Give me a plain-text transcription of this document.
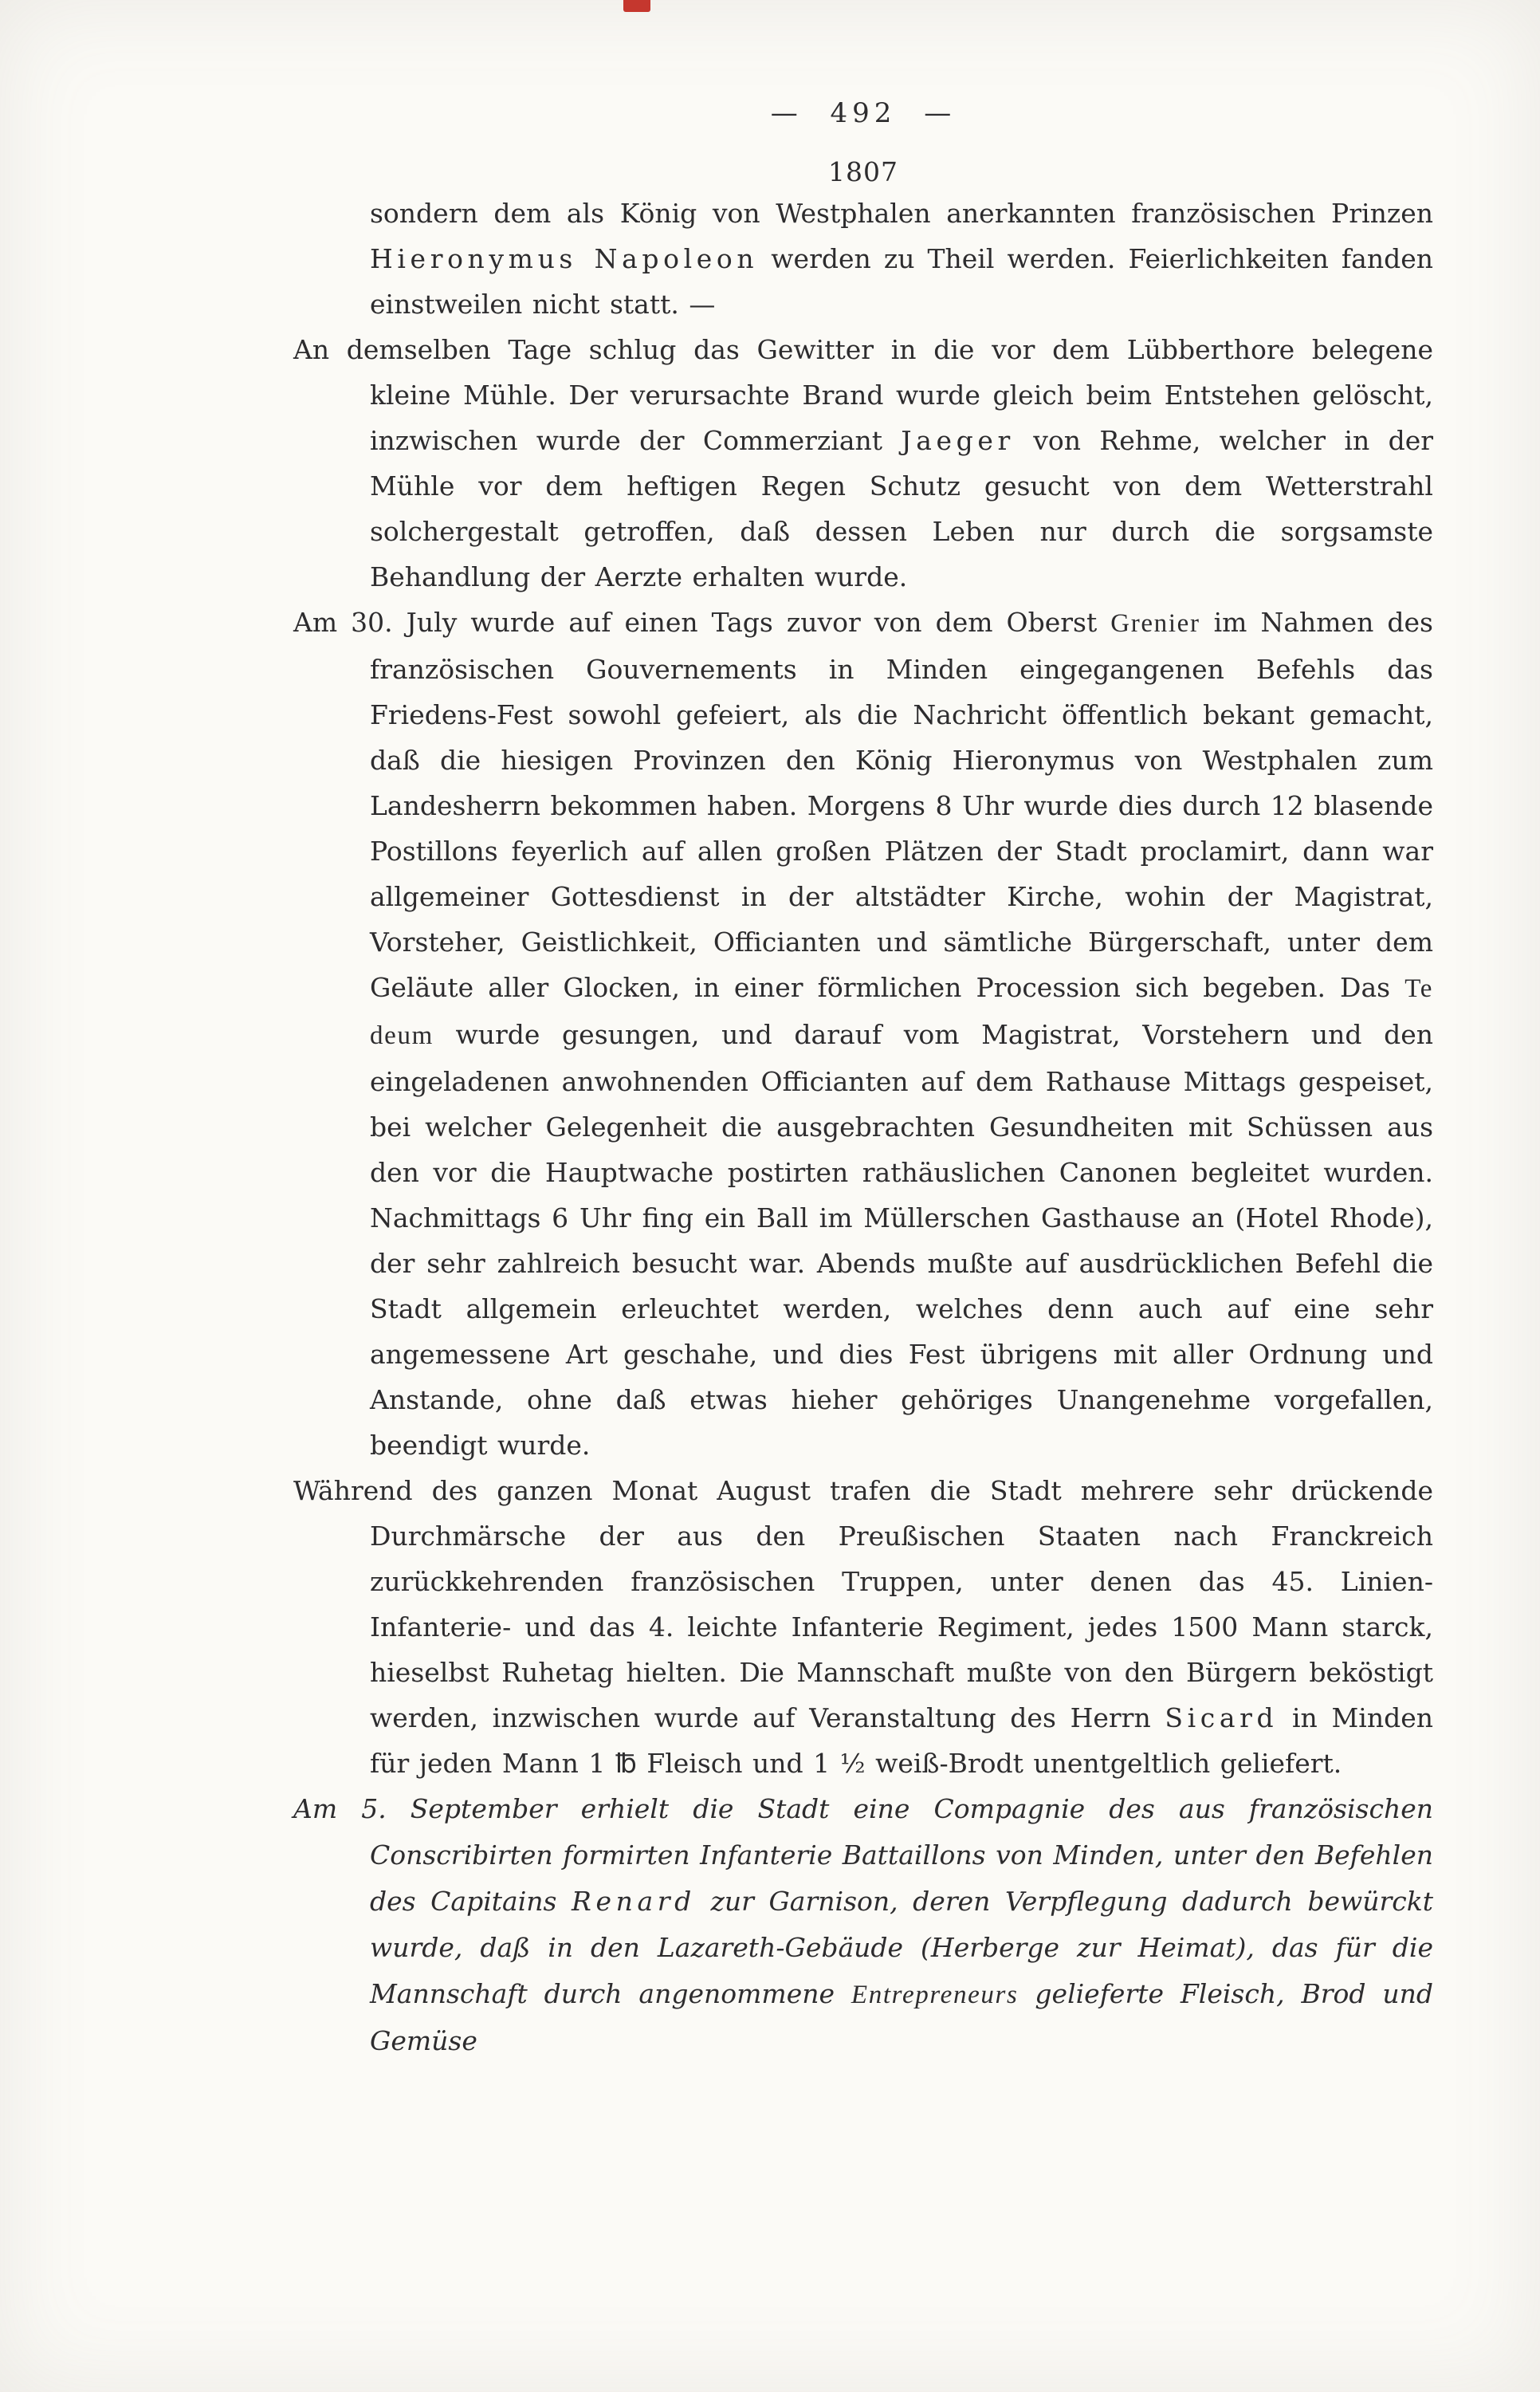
— 492 —
1807

sondern dem als König von Westphalen anerkannten französischen Prinzen Hieronymus Napoleon werden zu Theil werden. Feierlichkeiten fanden einstweilen nicht statt. —

An demselben Tage schlug das Gewitter in die vor dem Lübberthore belegene kleine Mühle. Der verursachte Brand wurde gleich beim Entstehen gelöscht, inzwischen wurde der Commerziant Jaeger von Rehme, welcher in der Mühle vor dem heftigen Regen Schutz gesucht von dem Wetterstrahl solchergestalt getroffen, daß dessen Leben nur durch die sorgsamste Behandlung der Aerzte erhalten wurde.

Am 30. July wurde auf einen Tags zuvor von dem Oberst Grenier im Nahmen des französischen Gouvernements in Minden eingegangenen Befehls das Friedens-Fest sowohl gefeiert, als die Nachricht öffentlich bekant gemacht, daß die hiesigen Provinzen den König Hieronymus von Westphalen zum Landesherrn bekommen haben. Morgens 8 Uhr wurde dies durch 12 blasende Postillons feyerlich auf allen großen Plätzen der Stadt proclamirt, dann war allgemeiner Gottesdienst in der altstädter Kirche, wohin der Magistrat, Vorsteher, Geistlichkeit, Officianten und sämtliche Bürgerschaft, unter dem Geläute aller Glocken, in einer förmlichen Procession sich begeben. Das Te deum wurde gesungen, und darauf vom Magistrat, Vorstehern und den eingeladenen anwohnenden Officianten auf dem Rathause Mittags gespeiset, bei welcher Gelegenheit die ausgebrachten Gesundheiten mit Schüssen aus den vor die Hauptwache postirten rathäuslichen Canonen begleitet wurden. Nachmittags 6 Uhr fing ein Ball im Müllerschen Gasthause an (Hotel Rhode), der sehr zahlreich besucht war. Abends mußte auf ausdrücklichen Befehl die Stadt allgemein erleuchtet werden, welches denn auch auf eine sehr angemessene Art geschahe, und dies Fest übrigens mit aller Ordnung und Anstande, ohne daß etwas hieher gehöriges Unangenehme vorgefallen, beendigt wurde.

Während des ganzen Monat August trafen die Stadt mehrere sehr drückende Durchmärsche der aus den Preußischen Staaten nach Franckreich zurückkehrenden französischen Truppen, unter denen das 45. Linien-Infanterie- und das 4. leichte Infanterie Regiment, jedes 1500 Mann starck, hieselbst Ruhetag hielten. Die Mannschaft mußte von den Bürgern beköstigt werden, inzwischen wurde auf Veranstaltung des Herrn Sicard in Minden für jeden Mann 1 ℔ Fleisch und 1 ½ weiß-Brodt unentgeltlich geliefert.

Am 5. September erhielt die Stadt eine Compagnie des aus französischen Conscribirten formirten Infanterie Battaillons von Minden, unter den Befehlen des Capitains Renard zur Garnison, deren Verpflegung dadurch bewürckt wurde, daß in den Lazareth-Gebäude (Herberge zur Heimat), das für die Mannschaft durch angenommene Entrepreneurs gelieferte Fleisch, Brod und Gemüse
